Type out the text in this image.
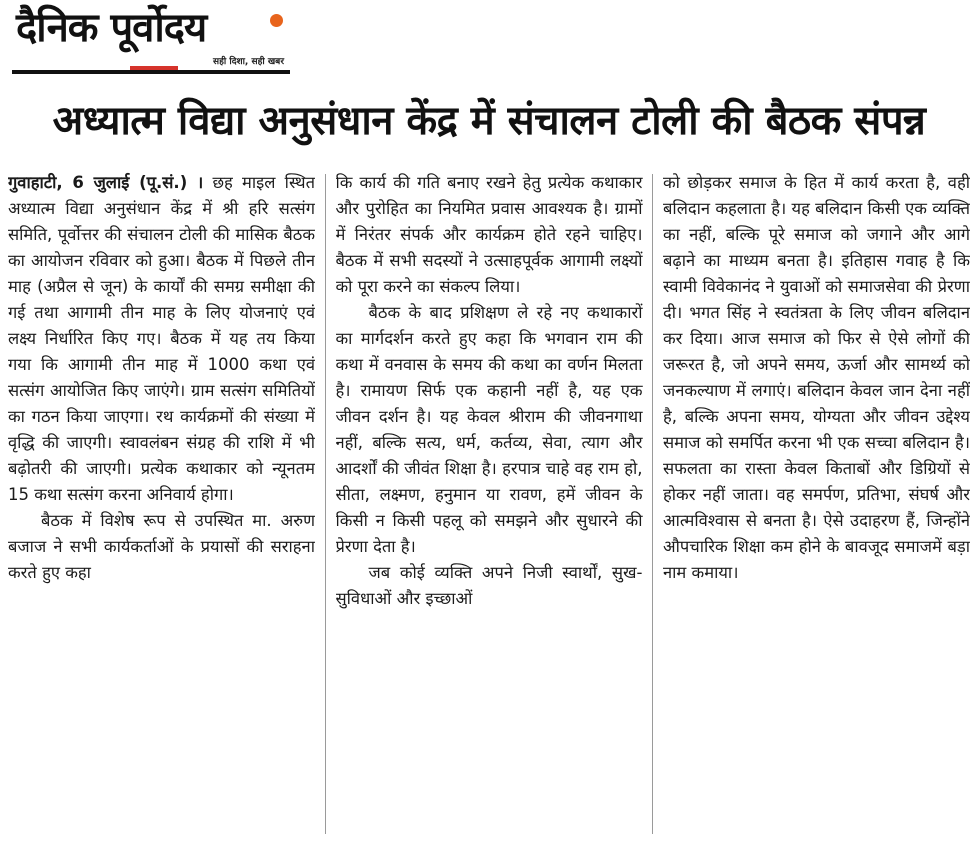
दैनिक पूर्वोदय
सही दिशा, सही खबर
अध्यात्म विद्या अनुसंधान केंद्र में संचालन टोली की बैठक संपन्न

गुवाहाटी, 6 जुलाई (पू.सं.) । छह माइल स्थित अध्यात्म विद्या अनुसंधान केंद्र में श्री हरि सत्संग समिति, पूर्वोत्तर की संचालन टोली की मासिक बैठक का आयोजन रविवार को हुआ। बैठक में पिछले तीन माह (अप्रैल से जून) के कार्यों की समग्र समीक्षा की गई तथा आगामी तीन माह के लिए योजनाएं एवं लक्ष्य निर्धारित किए गए। बैठक में यह तय किया गया कि आगामी तीन माह में 1000 कथा एवं सत्संग आयोजित किए जाएंगे। ग्राम सत्संग समितियों का गठन किया जाएगा। रथ कार्यक्रमों की संख्या में वृद्धि की जाएगी। स्वावलंबन संग्रह की राशि में भी बढ़ोतरी की जाएगी। प्रत्येक कथाकार को न्यूनतम 15 कथा सत्संग करना अनिवार्य होगा।

बैठक में विशेष रूप से उपस्थित मा. अरुण बजाज ने सभी कार्यकर्ताओं के प्रयासों की सराहना करते हुए कहा

कि कार्य की गति बनाए रखने हेतु प्रत्येक कथाकार और पुरोहित का नियमित प्रवास आवश्यक है। ग्रामों में निरंतर संपर्क और कार्यक्रम होते रहने चाहिए। बैठक में सभी सदस्यों ने उत्साहपूर्वक आगामी लक्ष्यों को पूरा करने का संकल्प लिया।

बैठक के बाद प्रशिक्षण ले रहे नए कथाकारों का मार्गदर्शन करते हुए कहा कि भगवान राम की कथा में वनवास के समय की कथा का वर्णन मिलता है। रामायण सिर्फ एक कहानी नहीं है, यह एक जीवन दर्शन है। यह केवल श्रीराम की जीवनगाथा नहीं, बल्कि सत्य, धर्म, कर्तव्य, सेवा, त्याग और आदर्शों की जीवंत शिक्षा है। हरपात्र चाहे वह राम हो, सीता, लक्ष्मण, हनुमान या रावण, हमें जीवन के किसी न किसी पहलू को समझने और सुधारने की प्रेरणा देता है।

जब कोई व्यक्ति अपने निजी स्वार्थों, सुख-सुविधाओं और इच्छाओं

को छोड़कर समाज के हित में कार्य करता है, वही बलिदान कहलाता है। यह बलिदान किसी एक व्यक्ति का नहीं, बल्कि पूरे समाज को जगाने और आगे बढ़ाने का माध्यम बनता है। इतिहास गवाह है कि स्वामी विवेकानंद ने युवाओं को समाजसेवा की प्रेरणा दी। भगत सिंह ने स्वतंत्रता के लिए जीवन बलिदान कर दिया। आज समाज को फिर से ऐसे लोगों की जरूरत है, जो अपने समय, ऊर्जा और सामर्थ्य को जनकल्याण में लगाएं। बलिदान केवल जान देना नहीं है, बल्कि अपना समय, योग्यता और जीवन उद्देश्य समाज को समर्पित करना भी एक सच्चा बलिदान है। सफलता का रास्ता केवल किताबों और डिग्रियों से होकर नहीं जाता। वह समर्पण, प्रतिभा, संघर्ष और आत्मविश्वास से बनता है। ऐसे उदाहरण हैं, जिन्होंने औपचारिक शिक्षा कम होने के बावजूद समाजमें बड़ा नाम कमाया।
